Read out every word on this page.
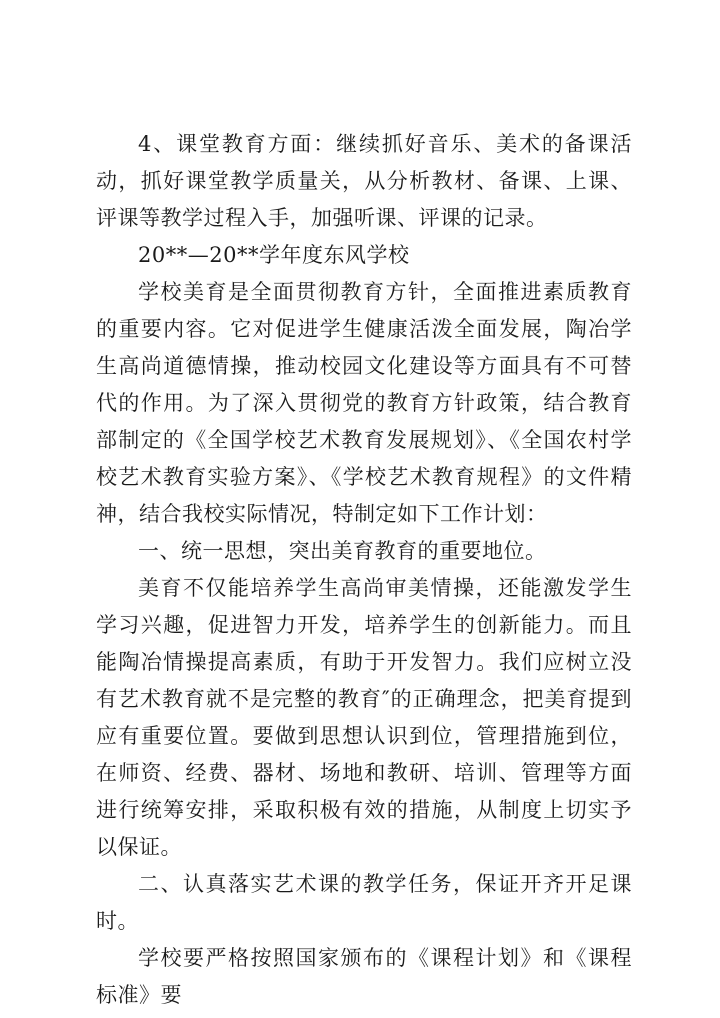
4、课堂教育方面：继续抓好音乐、美术的备课活动，抓好课堂教学质量关，从分析教材、备课、上课、评课等教学过程入手，加强听课、评课的记录。

20**—20**学年度东风学校

学校美育是全面贯彻教育方针，全面推进素质教育的重要内容。它对促进学生健康活泼全面发展，陶冶学生高尚道德情操，推动校园文化建设等方面具有不可替代的作用。为了深入贯彻党的教育方针政策，结合教育部制定的《全国学校艺术教育发展规划》、《全国农村学校艺术教育实验方案》、《学校艺术教育规程》的文件精神，结合我校实际情况，特制定如下工作计划：

一、统一思想，突出美育教育的重要地位。

美育不仅能培养学生高尚审美情操，还能激发学生学习兴趣，促进智力开发，培养学生的创新能力。而且能陶冶情操提高素质，有助于开发智力。我们应树立没有艺术教育就不是完整的教育″的正确理念，把美育提到应有重要位置。要做到思想认识到位，管理措施到位，在师资、经费、器材、场地和教研、培训、管理等方面进行统筹安排，采取积极有效的措施，从制度上切实予以保证。

二、认真落实艺术课的教学任务，保证开齐开足课时。

学校要严格按照国家颁布的《课程计划》和《课程标准》要
